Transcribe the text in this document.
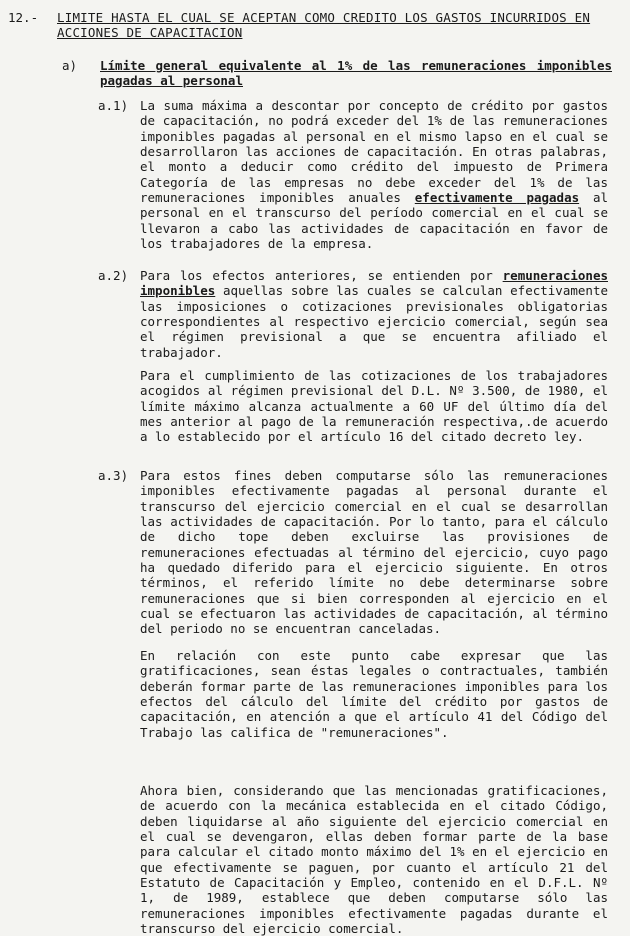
12.- LIMITE HASTA EL CUAL SE ACEPTAN COMO CREDITO LOS GASTOS INCURRIDOS EN ACCIONES DE CAPACITACION
a) Límite general equivalente al 1% de las remuneraciones imponibles pagadas al personal
a.1) La suma máxima a descontar por concepto de crédito por gastos de capacitación, no podrá exceder del 1% de las remuneraciones imponibles pagadas al personal en el mismo lapso en el cual se desarrollaron las acciones de capacitación. En otras palabras, el monto a deducir como crédito del impuesto de Primera Categoría de las empresas no debe exceder del 1% de las remuneraciones imponibles anuales efectivamente pagadas al personal en el transcurso del período comercial en el cual se llevaron a cabo las actividades de capacitación en favor de los trabajadores de la empresa.

a.2) Para los efectos anteriores, se entienden por remuneraciones imponibles aquellas sobre las cuales se calculan efectivamente las imposiciones o cotizaciones previsionales obligatorias correspondientes al respectivo ejercicio comercial, según sea el régimen previsional a que se encuentra afiliado el trabajador.

Para el cumplimiento de las cotizaciones de los trabajadores acogidos al régimen previsional del D.L. Nº 3.500, de 1980, el límite máximo alcanza actualmente a 60 UF del último día del mes anterior al pago de la remuneración respectiva,.de acuerdo a lo establecido por el artículo 16 del citado decreto ley.

a.3) Para estos fines deben computarse sólo las remuneraciones imponibles efectivamente pagadas al personal durante el transcurso del ejercicio comercial en el cual se desarrollan las actividades de capacitación. Por lo tanto, para el cálculo de dicho tope deben excluirse las provisiones de remuneraciones efectuadas al término del ejercicio, cuyo pago ha quedado diferido para el ejercicio siguiente. En otros términos, el referido límite no debe determinarse sobre remuneraciones que si bien corresponden al ejercicio en el cual se efectuaron las actividades de capacitación, al término del periodo no se encuentran canceladas.

En relación con este punto cabe expresar que las gratificaciones, sean éstas legales o contractuales, también deberán formar parte de las remuneraciones imponibles para los efectos del cálculo del límite del crédito por gastos de capacitación, en atención a que el artículo 41 del Código del Trabajo las califica de "remuneraciones".

Ahora bien, considerando que las mencionadas gratificaciones, de acuerdo con la mecánica establecida en el citado Código, deben liquidarse al año siguiente del ejercicio comercial en el cual se devengaron, ellas deben formar parte de la base para calcular el citado monto máximo del 1% en el ejercicio en que efectivamente se paguen, por cuanto el artículo 21 del Estatuto de Capacitación y Empleo, contenido en el D.F.L. Nº 1, de 1989, establece que deben computarse sólo las remuneraciones imponibles efectivamente pagadas durante el transcurso del ejercicio comercial.
